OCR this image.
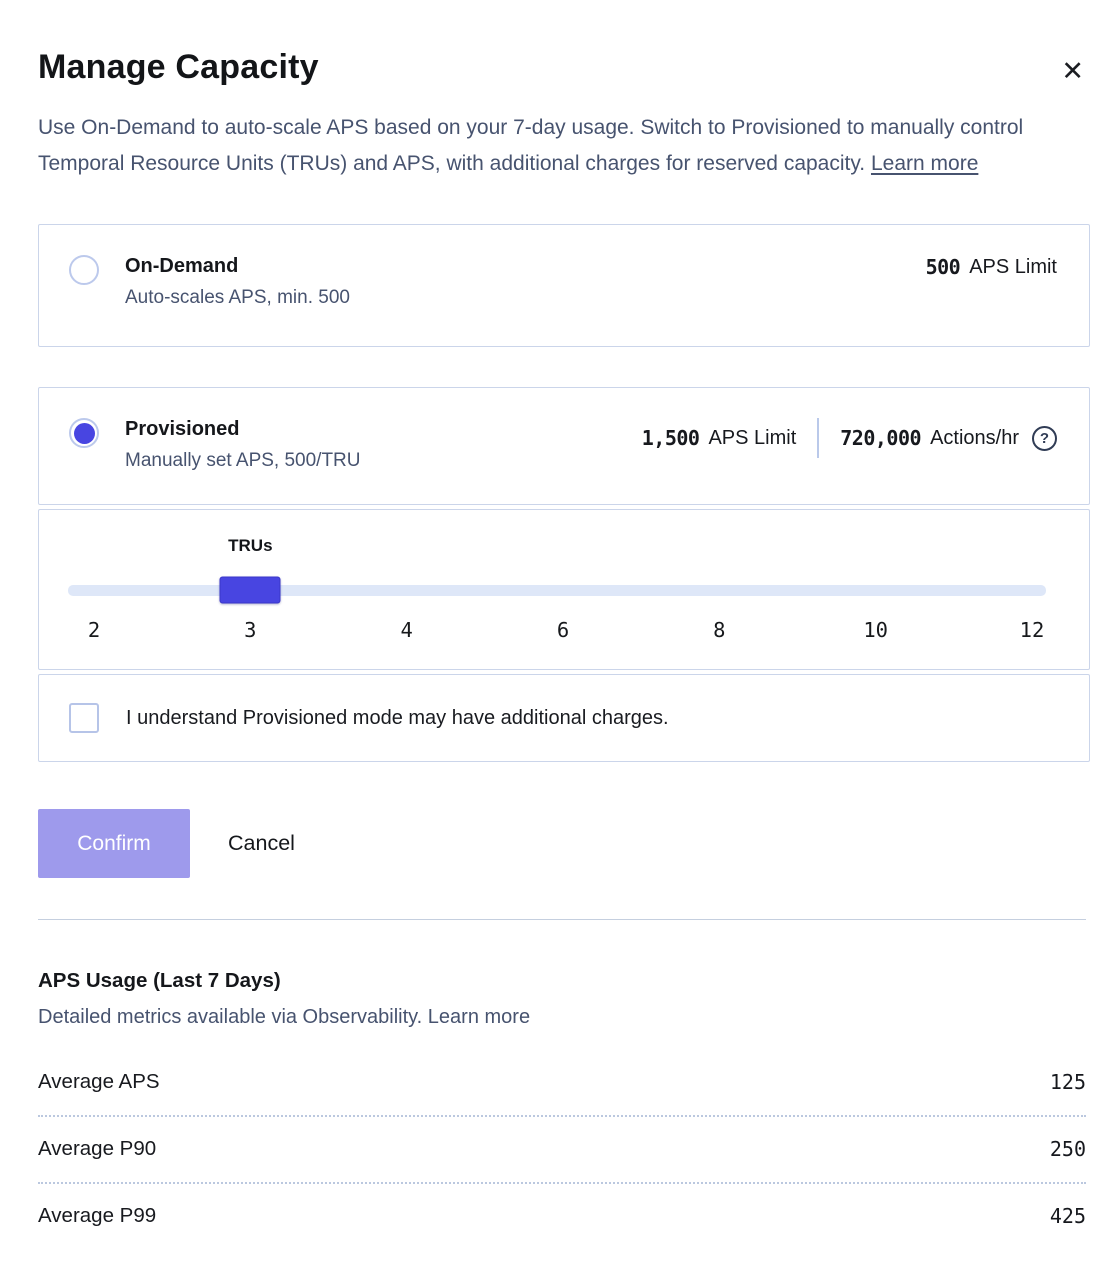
Manage Capacity	✕

Use On-Demand to auto-scale APS based on your 7-day usage. Switch to Provisioned to manually control Temporal Resource Units (TRUs) and APS, with additional charges for reserved capacity. Learn more

On-Demand
Auto-scales APS, min. 500
500 APS Limit
Provisioned
Manually set APS, 500/TRU
1,500 APS Limit 720,000 Actions/hr	?
TRUs
2	3	4	6	8	10	12
I understand Provisioned mode may have additional charges.
Confirm	Cancel
APS Usage (Last 7 Days)
Detailed metrics available via Observability. Learn more
Average APS	125
Average P90	250
Average P99	425
